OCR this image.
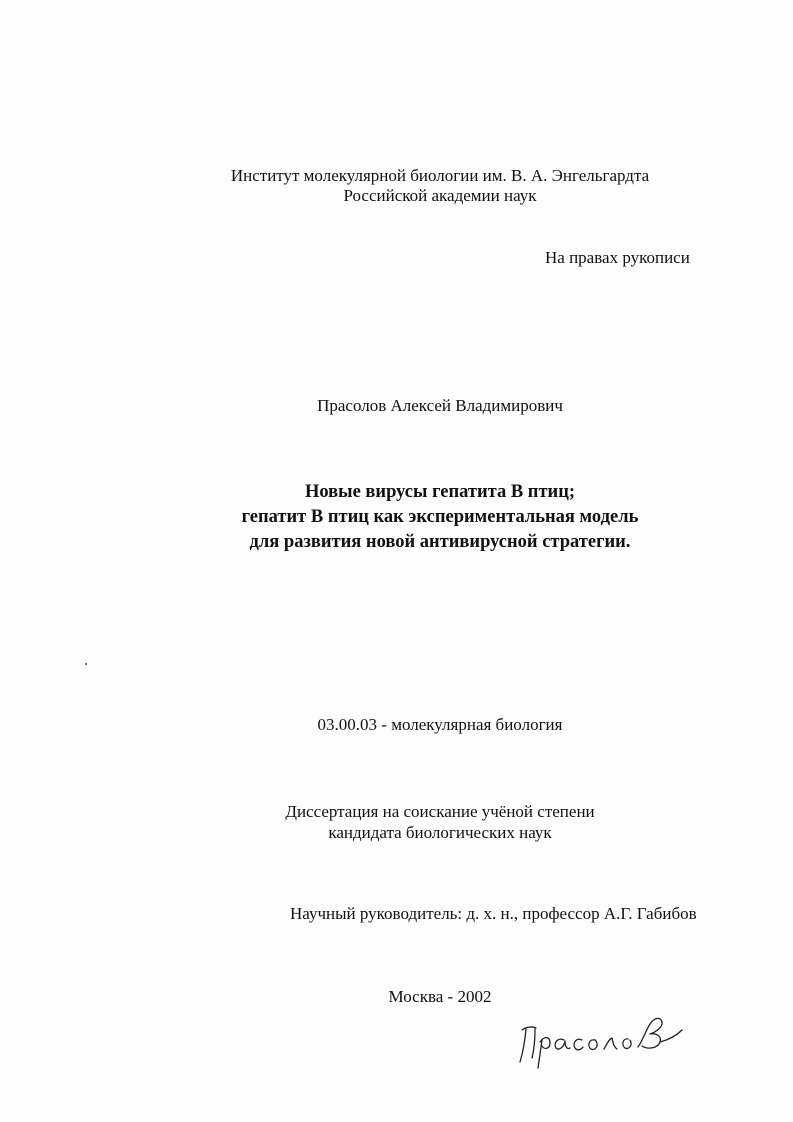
Институт молекулярной биологии им. В. А. Энгельгардта
Российской академии наук
На правах рукописи
Прасолов Алексей Владимирович
Новые вирусы гепатита В птиц;
гепатит В птиц как экспериментальная модель
для развития новой антивирусной стратегии.
03.00.03 - молекулярная биология
Диссертация на соискание учёной степени
кандидата биологических наук
Научный руководитель: д. х. н., профессор А.Г. Габибов
Москва - 2002
